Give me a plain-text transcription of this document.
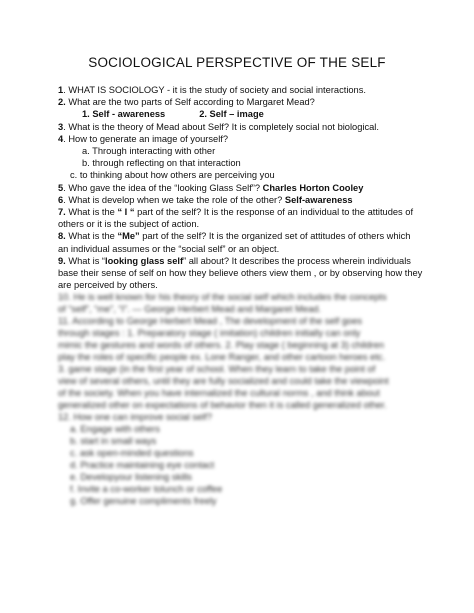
SOCIOLOGICAL PERSPECTIVE OF THE SELF
1. WHAT IS SOCIOLOGY - it is the study of society and social interactions.
2. What are the two parts of Self according to Margaret Mead?
1. Self - awareness	2. Self – image
3. What is the theory of Mead about Self? It is completely social not biological.
4. How to generate an image of yourself?
a. Through interacting with other
b. through reflecting on that interaction
c. to thinking about how others are perceiving you
5. Who gave the idea of the “looking Glass Self”? Charles Horton Cooley
6. What is develop when we take the role of the other? Self-awareness
7. What is the “ I “ part of the self? It is the response of an individual to the attitudes of others or it is the subject of action.
8. What is the “Me” part of the self? It is the organized set of attitudes of others which an individual assumes or the “social self” or an object.
9. What is “looking glass self” all about? It describes the process wherein individuals base their sense of self on how they believe others view them , or by observing how they are perceived by others.
10. He is well known for his theory of the social self which includes the concepts
of “self”, “me”, “I”. — George Herbert Mead and Margaret Mead.
11. According to George Herbert Mead , The development of the self goes
through stages : 1. Preparatory stage ( imitation) children initially can only
mimic the gestures and words of others. 2. Play stage ( beginning at 3) children
play the roles of specific people ex. Lone Ranger, and other cartoon heroes etc.
3. game stage (in the first year of school. When they learn to take the point of
view of several others, until they are fully socialized and could take the viewpoint
of the society. When you have internalized the cultural norms , and think about
generalized other on expectations of behavior then it is called generalized other.
12. How one can improve social self?
a. Engage with others
b. start in small ways
c. ask open-minded questions
d. Practice maintaining eye contact
e. Developyour listening skills
f. Invite a co-worker tolunch or coffee
g. Offer genuine compliments freely
